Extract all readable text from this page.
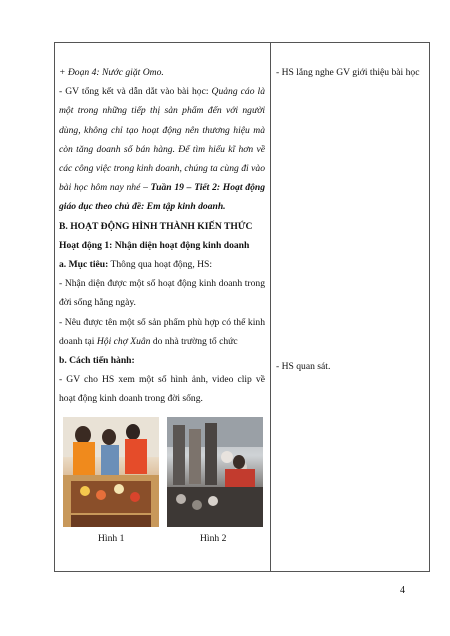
+ Đoạn 4: Nước giặt Omo.

- GV tổng kết và dẫn dắt vào bài học: Quảng cáo là một trong những tiếp thị sản phẩm đến với người dùng, không chỉ tạo hoạt động nên thương hiệu mà còn tăng doanh số bán hàng. Để tìm hiểu kĩ hơn về các công việc trong kinh doanh, chúng ta cùng đi vào bài học hôm nay nhé – Tuần 19 – Tiết 2: Hoạt động giáo dục theo chủ đề: Em tập kinh doanh.

B. HOẠT ĐỘNG HÌNH THÀNH KIẾN THỨC

Hoạt động 1: Nhận diện hoạt động kinh doanh

a. Mục tiêu: Thông qua hoạt động, HS:

- Nhận diện được một số hoạt động kinh doanh trong đời sống hằng ngày.

- Nêu được tên một số sản phẩm phù hợp có thể kinh doanh tại Hội chợ Xuân do nhà trường tổ chức

b. Cách tiến hành:

- GV cho HS xem một số hình ảnh, video clip về hoạt động kinh doanh trong đời sống.

Hình 1	Hình 2
- HS lắng nghe GV giới thiệu bài học
- HS quan sát.
4
